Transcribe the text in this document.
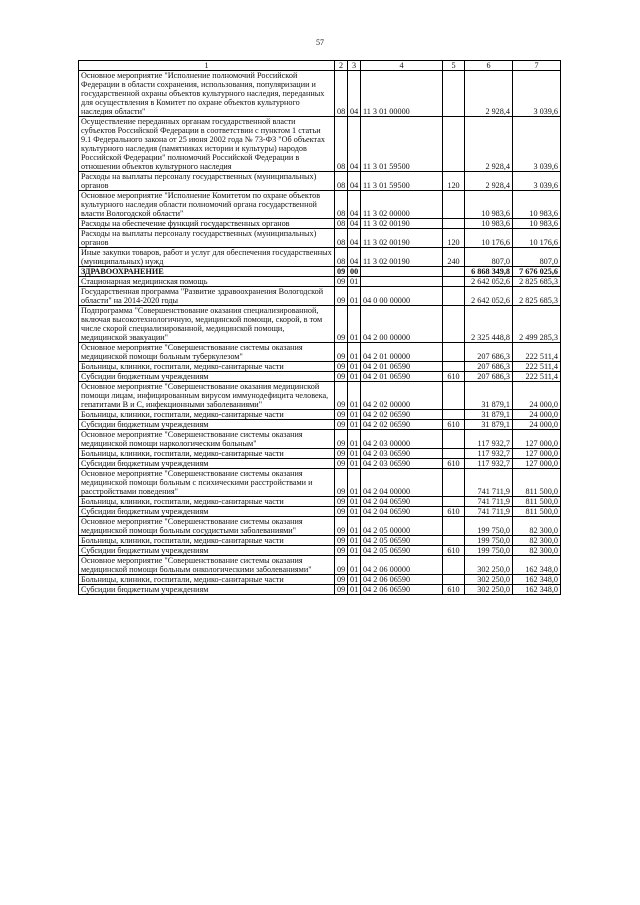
57
1	2	3	4	5	6	7
Основное мероприятие "Исполнение полномочий Российской Федерации в области сохранения, использования, популяризации и государственной охраны объектов культурного наследия, переданных для осуществления в Комитет по охране объектов культурного наследия области"	08	04	11 3 01 00000		2 928,4	3 039,6
Осуществление переданных органам государственной власти субъектов Российской Федерации в соответствии с пунктом 1 статьи 9.1 Федерального закона от 25 июня 2002 года № 73-ФЗ "Об объектах культурного наследия (памятниках истории и культуры) народов Российской Федерации" полномочий Российской Федерации в отношении объектов культурного наследия	08	04	11 3 01 59500		2 928,4	3 039,6
Расходы на выплаты персоналу государственных (муниципальных) органов	08	04	11 3 01 59500	120	2 928,4	3 039,6
Основное мероприятие "Исполнение Комитетом по охране объектов культурного наследия области полномочий органа государственной власти Вологодской области"	08	04	11 3 02 00000		10 983,6	10 983,6
Расходы на обеспечение функций государственных органов	08	04	11 3 02 00190		10 983,6	10 983,6
Расходы на выплаты персоналу государственных (муниципальных) органов	08	04	11 3 02 00190	120	10 176,6	10 176,6
Иные закупки товаров, работ и услуг для обеспечения государственных (муниципальных) нужд	08	04	11 3 02 00190	240	807,0	807,0
ЗДРАВООХРАНЕНИЕ	09	00			6 868 349,8	7 676 025,6
Стационарная медицинская помощь	09	01			2 642 052,6	2 825 685,3
Государственная программа "Развитие здравоохранения Вологодской области" на 2014-2020 годы	09	01	04 0 00 00000		2 642 052,6	2 825 685,3
Подпрограмма "Совершенствование оказания специализированной, включая высокотехнологичную, медицинской помощи, скорой, в том числе скорой специализированной, медицинской помощи, медицинской эвакуации"	09	01	04 2 00 00000		2 325 448,8	2 499 285,3
Основное мероприятие "Совершенствование системы оказания медицинской помощи больным туберкулезом"	09	01	04 2 01 00000		207 686,3	222 511,4
Больницы, клиники, госпитали, медико-санитарные части	09	01	04 2 01 06590		207 686,3	222 511,4
Субсидии бюджетным учреждениям	09	01	04 2 01 06590	610	207 686,3	222 511,4
Основное мероприятие "Совершенствование оказания медицинской помощи лицам, инфицированным вирусом иммунодефицита человека, гепатитами В и С, инфекционными заболеваниями"	09	01	04 2 02 00000		31 879,1	24 000,0
Больницы, клиники, госпитали, медико-санитарные части	09	01	04 2 02 06590		31 879,1	24 000,0
Субсидии бюджетным учреждениям	09	01	04 2 02 06590	610	31 879,1	24 000,0
Основное мероприятие "Совершенствование системы оказания медицинской помощи наркологическим больным"	09	01	04 2 03 00000		117 932,7	127 000,0
Больницы, клиники, госпитали, медико-санитарные части	09	01	04 2 03 06590		117 932,7	127 000,0
Субсидии бюджетным учреждениям	09	01	04 2 03 06590	610	117 932,7	127 000,0
Основное мероприятие "Совершенствование системы оказания медицинской помощи больным с психическими расстройствами и расстройствами поведения"	09	01	04 2 04 00000		741 711,9	811 500,0
Больницы, клиники, госпитали, медико-санитарные части	09	01	04 2 04 06590		741 711,9	811 500,0
Субсидии бюджетным учреждениям	09	01	04 2 04 06590	610	741 711,9	811 500,0
Основное мероприятие "Совершенствование системы оказания медицинской помощи больным сосудистыми заболеваниями"	09	01	04 2 05 00000		199 750,0	82 300,0
Больницы, клиники, госпитали, медико-санитарные части	09	01	04 2 05 06590		199 750,0	82 300,0
Субсидии бюджетным учреждениям	09	01	04 2 05 06590	610	199 750,0	82 300,0
Основное мероприятие "Совершенствование системы оказания медицинской помощи больным онкологическими заболеваниями"	09	01	04 2 06 00000		302 250,0	162 348,0
Больницы, клиники, госпитали, медико-санитарные части	09	01	04 2 06 06590		302 250,0	162 348,0
Субсидии бюджетным учреждениям	09	01	04 2 06 06590	610	302 250,0	162 348,0
